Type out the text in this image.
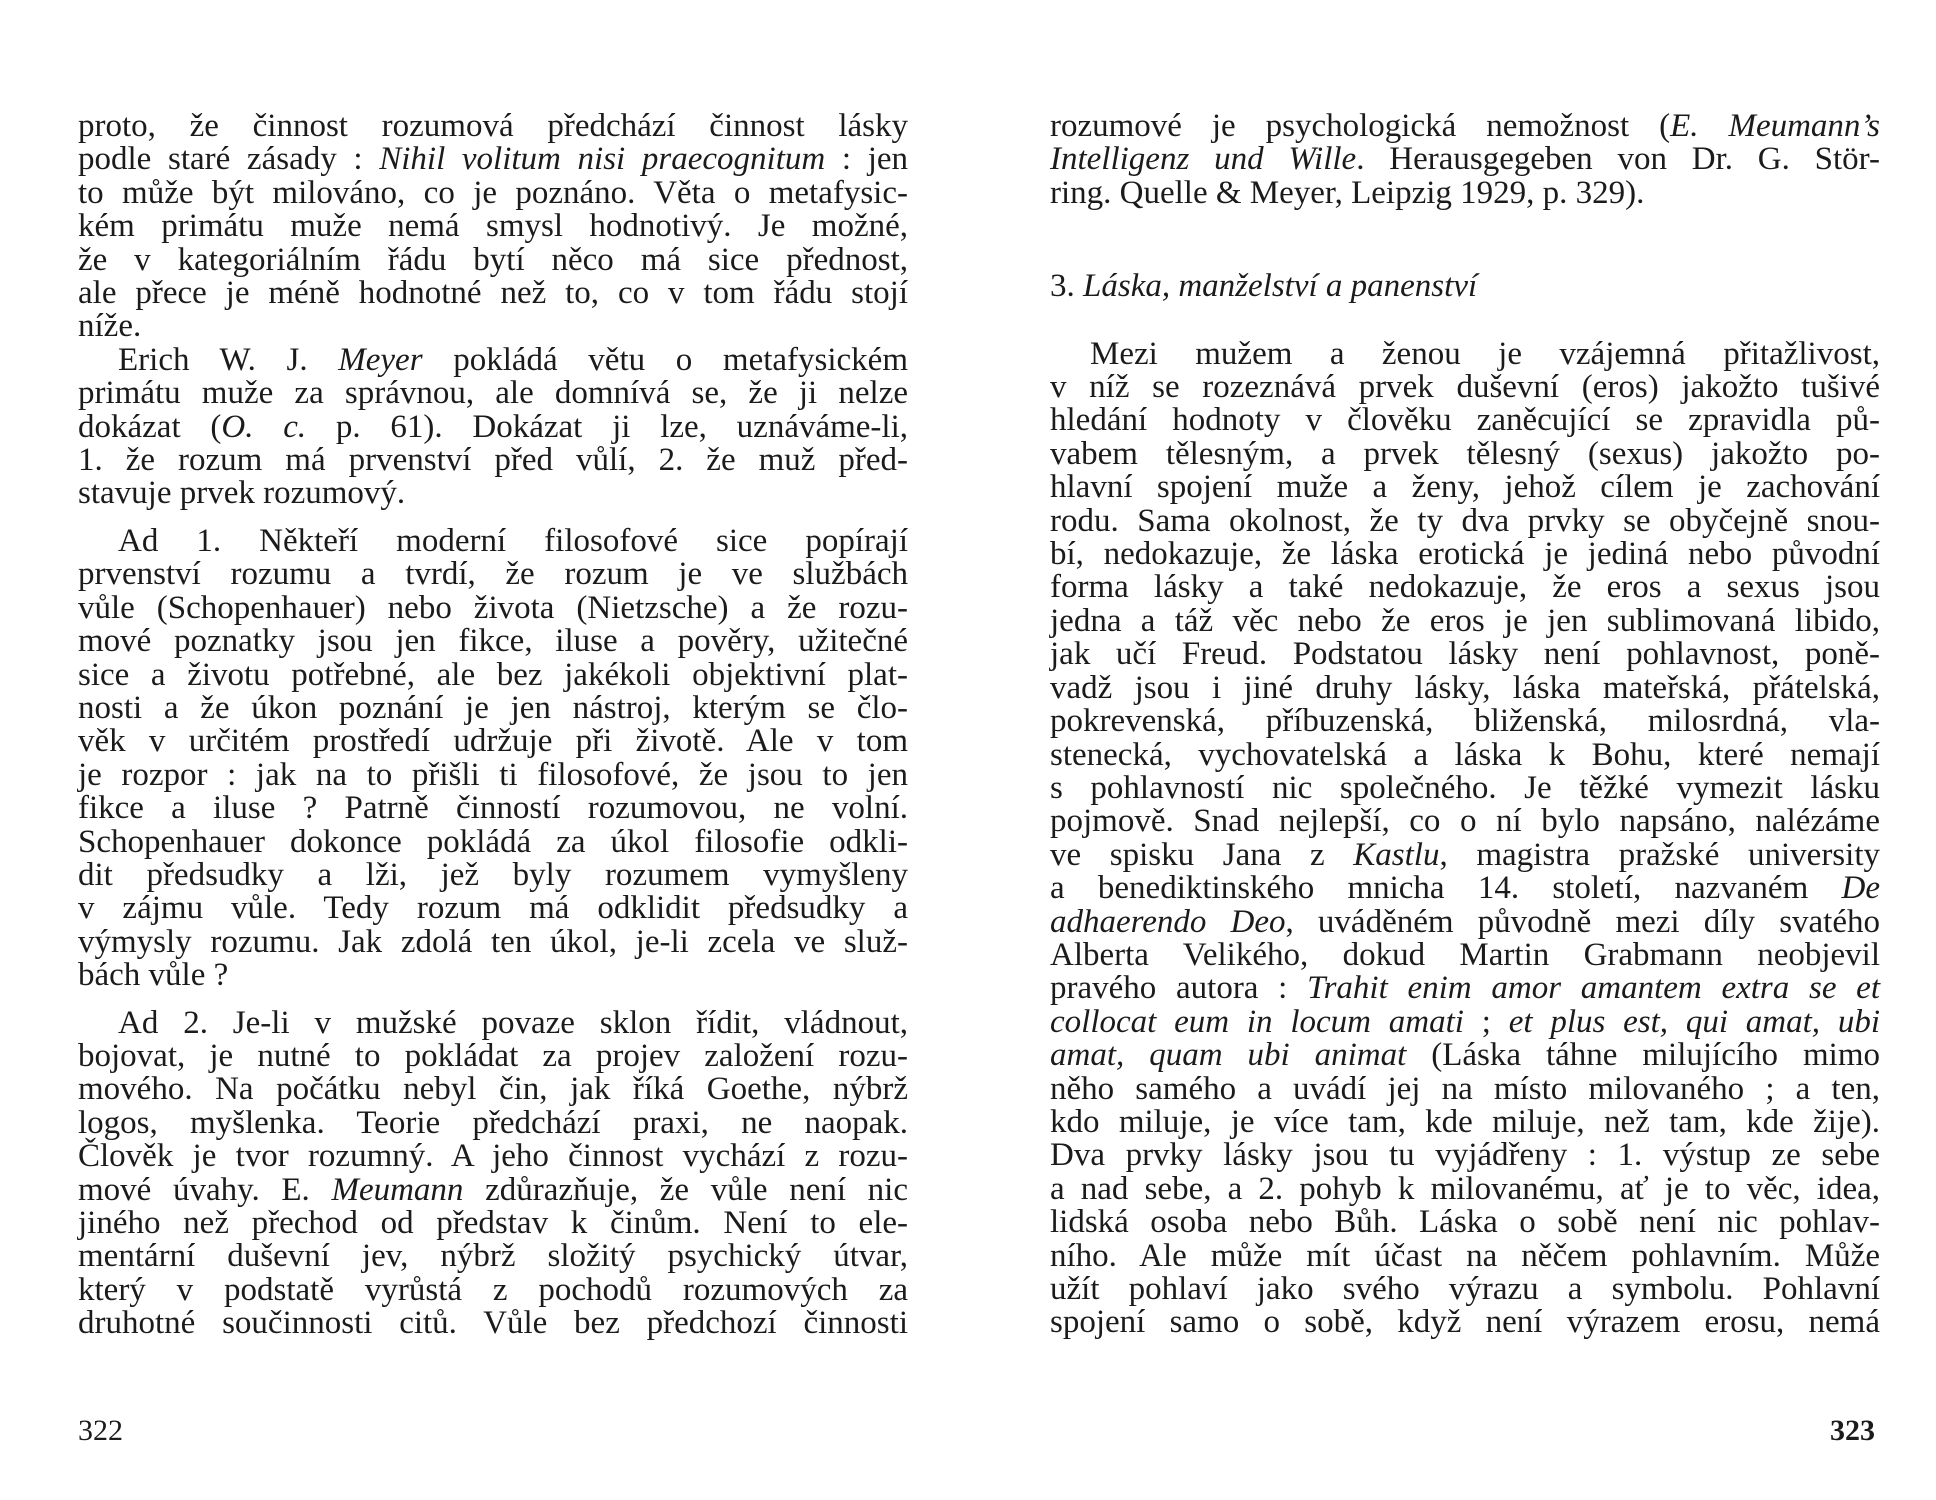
proto, že činnost rozumová předchází činnost lásky
podle staré zásady : Nihil volitum nisi praecognitum : jen
to může být milováno, co je poznáno. Věta o metafysic-
kém primátu muže nemá smysl hodnotivý. Je možné,
že v kategoriálním řádu bytí něco má sice přednost,
ale přece je méně hodnotné než to, co v tom řádu stojí
níže.
Erich W. J. Meyer pokládá větu o metafysickém
primátu muže za správnou, ale domnívá se, že ji nelze
dokázat (O. c. p. 61). Dokázat ji lze, uznáváme-li,
1. že rozum má prvenství před vůlí, 2. že muž před-
stavuje prvek rozumový.
Ad 1. Někteří moderní filosofové sice popírají
prvenství rozumu a tvrdí, že rozum je ve službách
vůle (Schopenhauer) nebo života (Nietzsche) a že rozu-
mové poznatky jsou jen fikce, iluse a pověry, užitečné
sice a životu potřebné, ale bez jakékoli objektivní plat-
nosti a že úkon poznání je jen nástroj, kterým se člo-
věk v určitém prostředí udržuje při životě. Ale v tom
je rozpor : jak na to přišli ti filosofové, že jsou to jen
fikce a iluse ? Patrně činností rozumovou, ne volní.
Schopenhauer dokonce pokládá za úkol filosofie odkli-
dit předsudky a lži, jež byly rozumem vymyšleny
v zájmu vůle. Tedy rozum má odklidit předsudky a
výmysly rozumu. Jak zdolá ten úkol, je-li zcela ve služ-
bách vůle ?
Ad 2. Je-li v mužské povaze sklon řídit, vládnout,
bojovat, je nutné to pokládat za projev založení rozu-
mového. Na počátku nebyl čin, jak říká Goethe, nýbrž
logos, myšlenka. Teorie předchází praxi, ne naopak.
Člověk je tvor rozumný. A jeho činnost vychází z rozu-
mové úvahy. E. Meumann zdůrazňuje, že vůle není nic
jiného než přechod od představ k činům. Není to ele-
mentární duševní jev, nýbrž složitý psychický útvar,
který v podstatě vyrůstá z pochodů rozumových za
druhotné součinnosti citů. Vůle bez předchozí činnosti
322
rozumové je psychologická nemožnost (E. Meumann’s
Intelligenz und Wille. Herausgegeben von Dr. G. Stör-
ring. Quelle & Meyer, Leipzig 1929, p. 329).
3. Láska, manželství a panenství
Mezi mužem a ženou je vzájemná přitažlivost,
v níž se rozeznává prvek duševní (eros) jakožto tušivé
hledání hodnoty v člověku zaněcující se zpravidla pů-
vabem tělesným, a prvek tělesný (sexus) jakožto po-
hlavní spojení muže a ženy, jehož cílem je zachování
rodu. Sama okolnost, že ty dva prvky se obyčejně snou-
bí, nedokazuje, že láska erotická je jediná nebo původní
forma lásky a také nedokazuje, že eros a sexus jsou
jedna a táž věc nebo že eros je jen sublimovaná libido,
jak učí Freud. Podstatou lásky není pohlavnost, poně-
vadž jsou i jiné druhy lásky, láska mateřská, přátelská,
pokrevenská, příbuzenská, bliženská, milosrdná, vla-
stenecká, vychovatelská a láska k Bohu, které nemají
s pohlavností nic společného. Je těžké vymezit lásku
pojmově. Snad nejlepší, co o ní bylo napsáno, nalézáme
ve spisku Jana z Kastlu, magistra pražské university
a benediktinského mnicha 14. století, nazvaném De
adhaerendo Deo, uváděném původně mezi díly svatého
Alberta Velikého, dokud Martin Grabmann neobjevil
pravého autora : Trahit enim amor amantem extra se et
collocat eum in locum amati ; et plus est, qui amat, ubi
amat, quam ubi animat (Láska táhne milujícího mimo
něho samého a uvádí jej na místo milovaného ; a ten,
kdo miluje, je více tam, kde miluje, než tam, kde žije).
Dva prvky lásky jsou tu vyjádřeny : 1. výstup ze sebe
a nad sebe, a 2. pohyb k milovanému, ať je to věc, idea,
lidská osoba nebo Bůh. Láska o sobě není nic pohlav-
ního. Ale může mít účast na něčem pohlavním. Může
užít pohlaví jako svého výrazu a symbolu. Pohlavní
spojení samo o sobě, když není výrazem erosu, nemá
323
